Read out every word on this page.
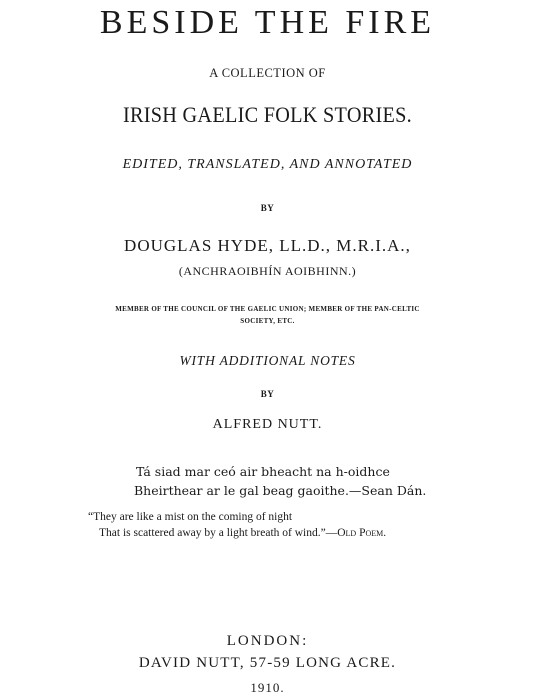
BESIDE THE FIRE
A COLLECTION OF
IRISH GAELIC FOLK STORIES.
EDITED, TRANSLATED, AND ANNOTATED
BY
DOUGLAS HYDE, LL.D., M.R.I.A.,
(ANCHRAOIBHÍN AOIBHINN.)
MEMBER OF THE COUNCIL OF THE GAELIC UNION; MEMBER OF THE PAN-CELTIC
SOCIETY, ETC.
WITH ADDITIONAL NOTES
BY
ALFRED NUTT.
Tá siad mar ceó air bheacht na h-oidhce
Bheirthear ar le gal beag gaoithe.—Sean Dán.
“They are like a mist on the coming of night
That is scattered away by a light breath of wind.”—Old Poem.
LONDON:
DAVID NUTT, 57-59 LONG ACRE.
1910.
